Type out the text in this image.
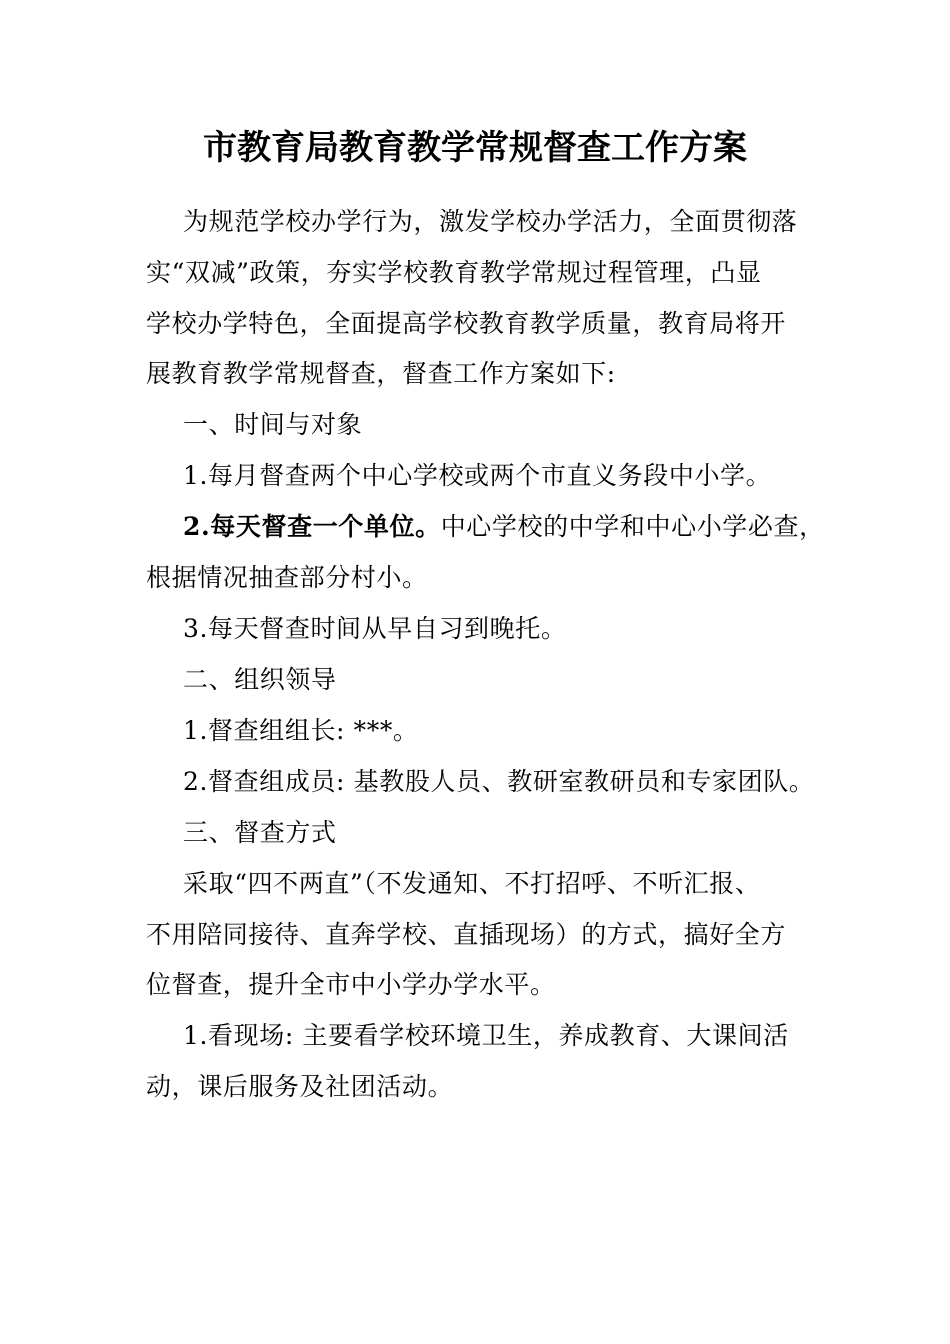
市教育局教育教学常规督查工作方案
为规范学校办学行为，激发学校办学活力，全面贯彻落
实“双减”政策，夯实学校教育教学常规过程管理，凸显
学校办学特色，全面提高学校教育教学质量，教育局将开
展教育教学常规督查，督查工作方案如下:
一、时间与对象
1.每月督查两个中心学校或两个市直义务段中小学。
2.每天督查一个单位。中心学校的中学和中心小学必查，
根据情况抽查部分村小。
3.每天督查时间从早自习到晚托。
二、组织领导
1.督查组组长: ***。
2.督查组成员: 基教股人员、教研室教研员和专家团队。
三、督查方式
采取“四不两直”（不发通知、不打招呼、不听汇报、
不用陪同接待、直奔学校、直插现场）的方式，搞好全方
位督查，提升全市中小学办学水平。
1.看现场: 主要看学校环境卫生，养成教育、大课间活
动，课后服务及社团活动。
